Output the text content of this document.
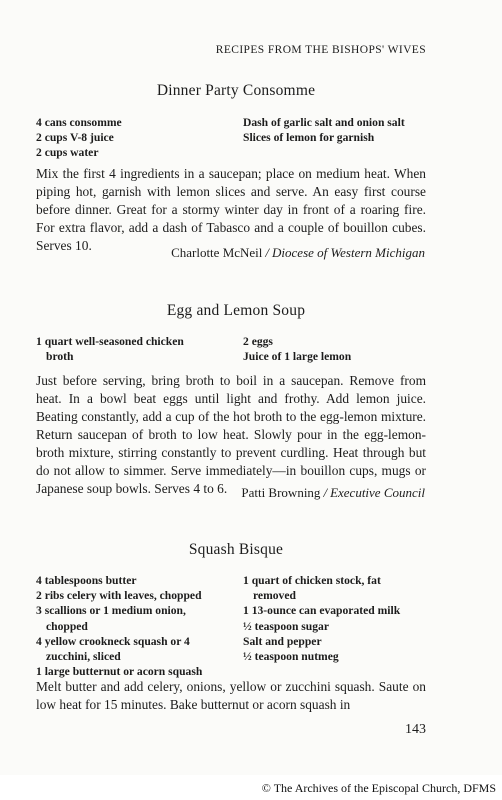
RECIPES FROM THE BISHOPS' WIVES
Dinner Party Consomme
4 cans consomme
2 cups V-8 juice
2 cups water
Dash of garlic salt and onion salt
Slices of lemon for garnish
Mix the first 4 ingredients in a saucepan; place on medium heat. When piping hot, garnish with lemon slices and serve. An easy first course before dinner. Great for a stormy winter day in front of a roaring fire. For extra flavor, add a dash of Tabasco and a couple of bouillon cubes. Serves 10.	Charlotte McNeil / Diocese of Western Michigan
Egg and Lemon Soup
1 quart well-seasoned chicken
broth
2 eggs
Juice of 1 large lemon
Just before serving, bring broth to boil in a saucepan. Remove from heat. In a bowl beat eggs until light and frothy. Add lemon juice. Beating constantly, add a cup of the hot broth to the egg-lemon mixture. Return saucepan of broth to low heat. Slowly pour in the egg-lemon-broth mixture, stirring constantly to prevent curdling. Heat through but do not allow to simmer. Serve immediately—in bouillon cups, mugs or Japanese soup bowls. Serves 4 to 6.	Patti Browning / Executive Council
Squash Bisque
4 tablespoons butter
2 ribs celery with leaves, chopped
3 scallions or 1 medium onion,
chopped
4 yellow crookneck squash or 4
zucchini, sliced
1 large butternut or acorn squash
1 quart of chicken stock, fat
removed
1 13-ounce can evaporated milk
½ teaspoon sugar
Salt and pepper
½ teaspoon nutmeg
Melt butter and add celery, onions, yellow or zucchini squash. Saute on low heat for 15 minutes. Bake butternut or acorn squash in
143
© The Archives of the Episcopal Church, DFMS
